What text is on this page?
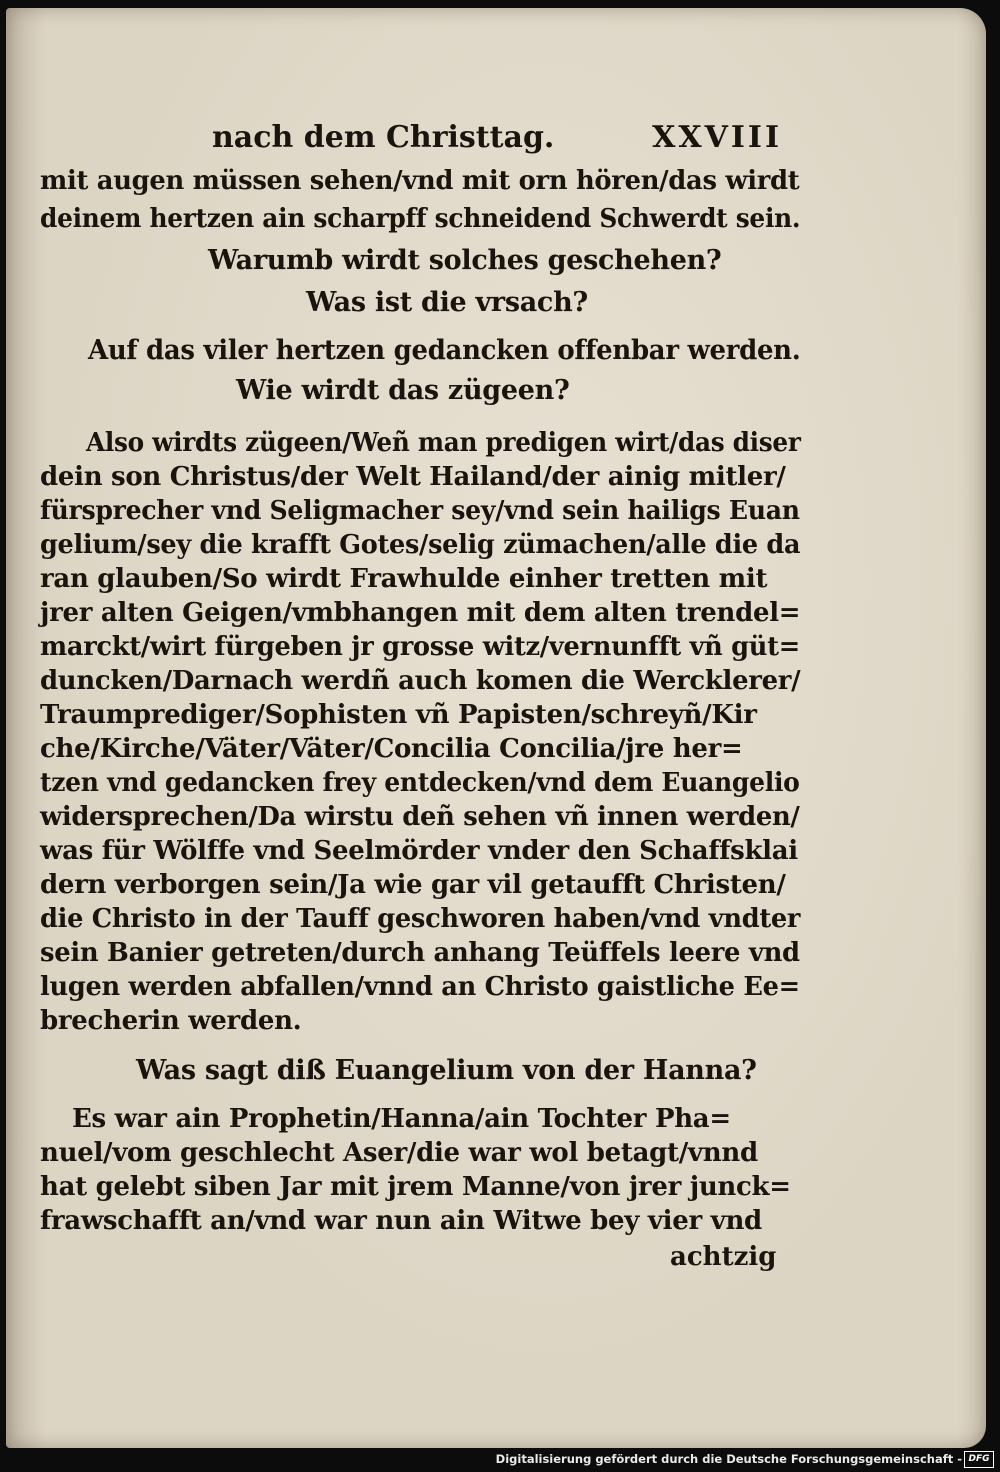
nach dem Christtag.	XXVIII
mit augen müssen sehen/vnd mit orn hören/das wirdt
deinem hertzen ain scharpff schneidend Schwerdt sein.
Warumb wirdt solches geschehen?
Was ist die vrsach?
Auf das viler hertzen gedancken offenbar werden.
Wie wirdt das zügeen?
Also wirdts zügeen/Weñ man predigen wirt/das diser
dein son Christus/der Welt Hailand/der ainig mitler/
fürsprecher vnd Seligmacher sey/vnd sein hailigs Euan
gelium/sey die krafft Gotes/selig zümachen/alle die da
ran glauben/So wirdt Frawhulde einher tretten mit
jrer alten Geigen/vmbhangen mit dem alten trendel=
marckt/wirt fürgeben jr grosse witz/vernunfft vñ güt=
duncken/Darnach werdñ auch komen die Wercklerer/
Traumprediger/Sophisten vñ Papisten/schreyñ/Kir
che/Kirche/Väter/Väter/Concilia Concilia/jre her=
tzen vnd gedancken frey entdecken/vnd dem Euangelio
widersprechen/Da wirstu deñ sehen vñ innen werden/
was für Wölffe vnd Seelmörder vnder den Schaffsklai
dern verborgen sein/Ja wie gar vil getaufft Christen/
die Christo in der Tauff geschworen haben/vnd vndter
sein Banier getreten/durch anhang Teüffels leere vnd
lugen werden abfallen/vnnd an Christo gaistliche Ee=
brecherin werden.
Was sagt diß Euangelium von der Hanna?
Es war ain Prophetin/Hanna/ain Tochter Pha=
nuel/vom geschlecht Aser/die war wol betagt/vnnd
hat gelebt siben Jar mit jrem Manne/von jrer junck=
frawschafft an/vnd war nun ain Witwe bey vier vnd
achtzig
Digitalisierung gefördert durch die Deutsche Forschungsgemeinschaft - DFG
